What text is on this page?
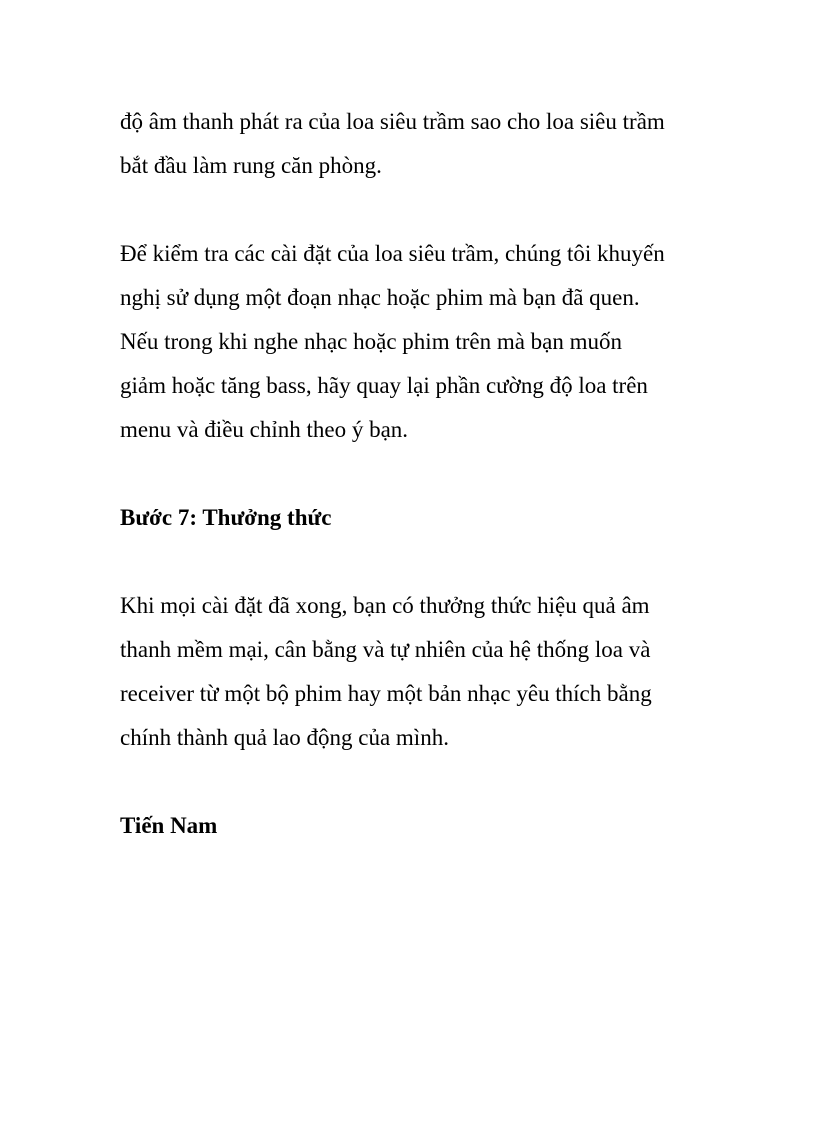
độ âm thanh phát ra của loa siêu trầm sao cho loa siêu trầm
bắt đầu làm rung căn phòng.

Để kiểm tra các cài đặt của loa siêu trầm, chúng tôi khuyến
nghị sử dụng một đoạn nhạc hoặc phim mà bạn đã quen.
Nếu trong khi nghe nhạc hoặc phim trên mà bạn muốn
giảm hoặc tăng bass, hãy quay lại phần cường độ loa trên
menu và điều chỉnh theo ý bạn.

Bước 7: Thưởng thức

Khi mọi cài đặt đã xong, bạn có thưởng thức hiệu quả âm
thanh mềm mại, cân bằng và tự nhiên của hệ thống loa và
receiver từ một bộ phim hay một bản nhạc yêu thích bằng
chính thành quả lao động của mình.

Tiến Nam
